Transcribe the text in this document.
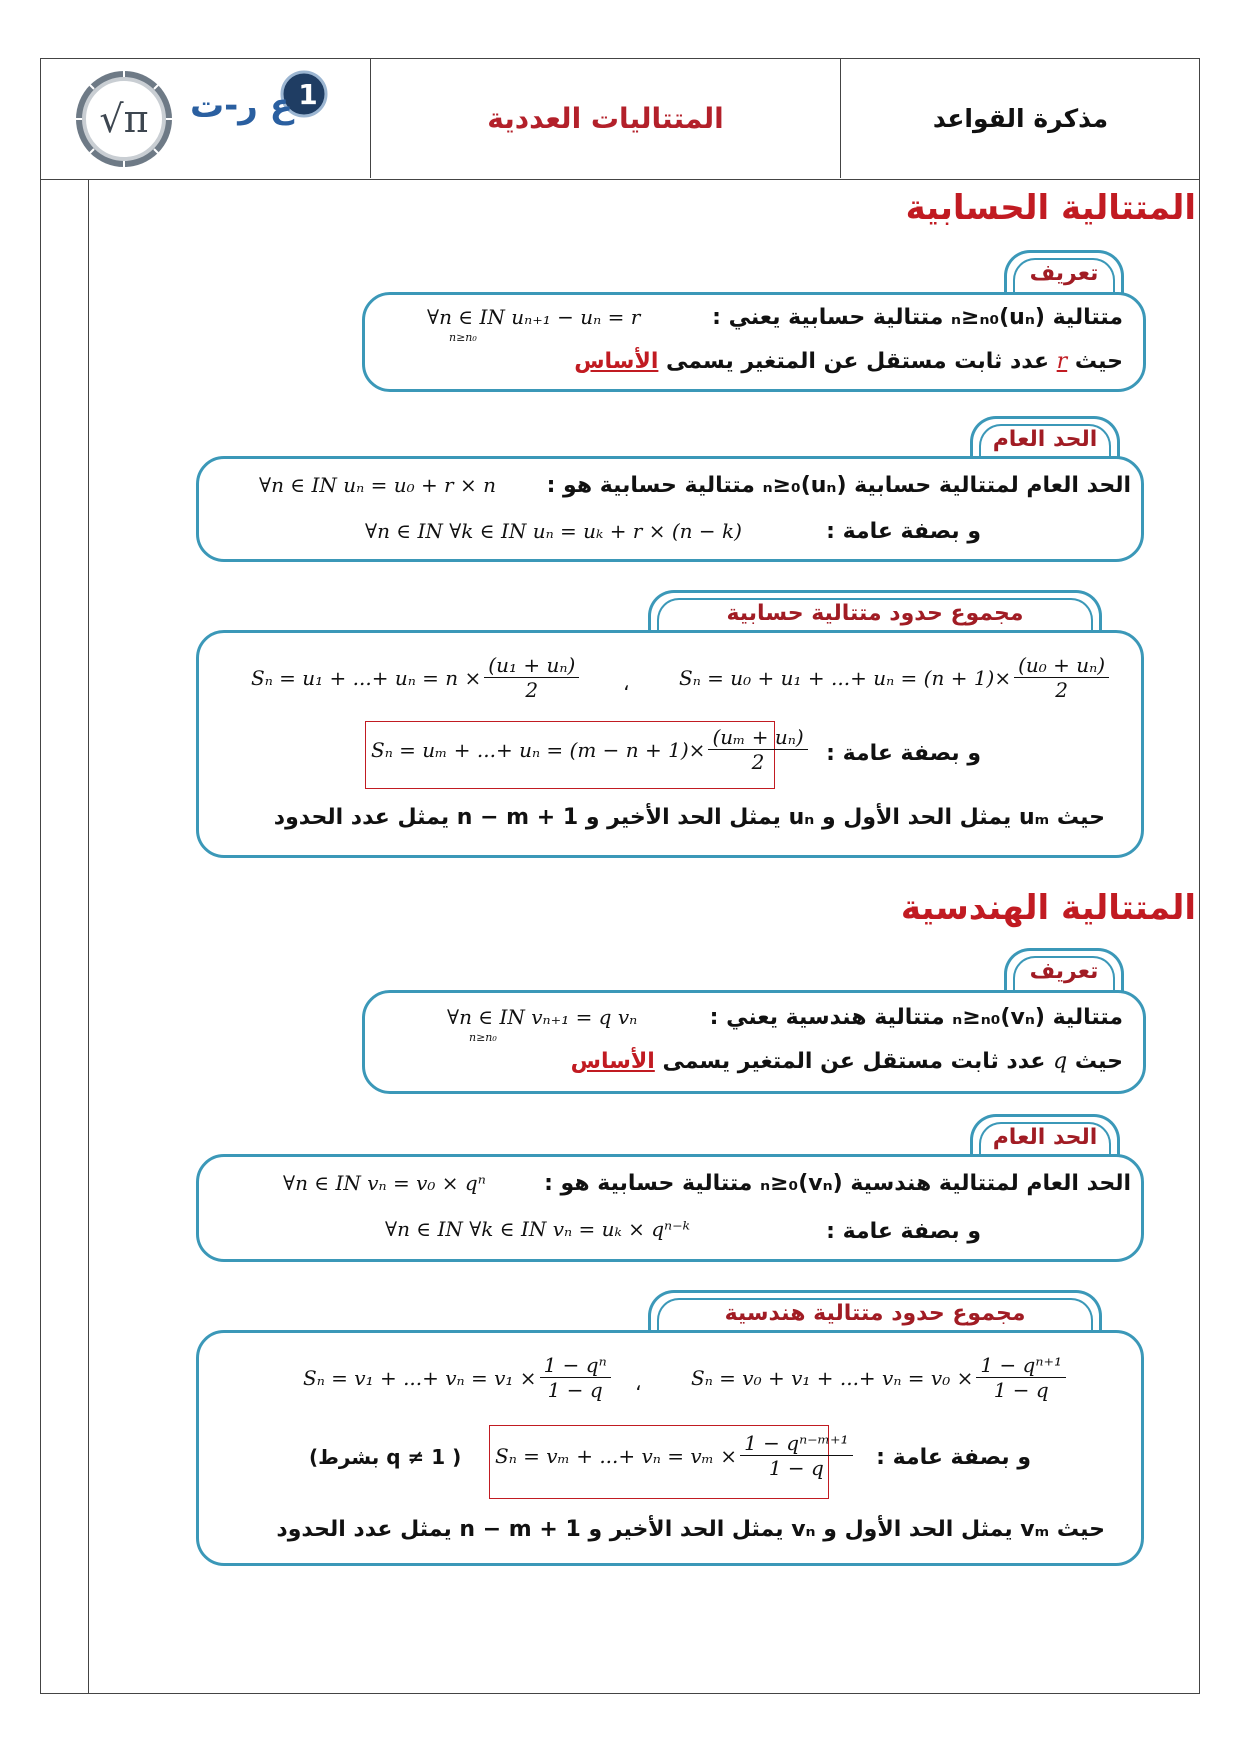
مذكرة القواعد
المتتاليات العددية
√π
1
ع ر-ت
المتتالية الحسابية
تعريف
متتالية (uₙ)ₙ≥ₙ₀ متتالية حسابية يعني :
∀n ∈ IN uₙ₊₁ − uₙ = r
n≥n₀
حيث r عدد ثابت مستقل عن المتغير يسمى الأساس
الحد العام
الحد العام لمتتالية حسابية (uₙ)ₙ≥₀ متتالية حسابية هو :
∀n ∈ IN uₙ = u₀ + r × n
و بصفة عامة :
∀n ∈ IN ∀k ∈ IN uₙ = uₖ + r × (n − k)
مجموع حدود متتالية حسابية
Sₙ = u₁ + ...+ $u_n = n \times \frac{\text{(u₁ + uₙ)}}{2}$ ، Sₙ = u₀ + u₁ + ...+ $u_n = (n + 1)\times \frac{\text{(u₀ + uₙ)}}{2}$
Sₙ = uₘ + ...+ $u_n = (m - n + 1)\times \frac{\text{(uₘ + uₙ)}}{2}$ و بصفة عامة :
حيث uₘ يمثل الحد الأول و uₙ يمثل الحد الأخير و n − m + 1 يمثل عدد الحدود
المتتالية الهندسية
تعريف
متتالية (vₙ)ₙ≥ₙ₀ متتالية هندسية يعني :
∀n ∈ IN vₙ₊₁ = q vₙ
n≥n₀
حيث q عدد ثابت مستقل عن المتغير يسمى الأساس
الحد العام
الحد العام لمتتالية هندسية (vₙ)ₙ≥₀ متتالية حسابية هو :
∀n ∈ IN vₙ = v₀ × qⁿ
و بصفة عامة :
∀n ∈ IN ∀k ∈ IN vₙ = uₖ × qⁿ⁻ᵏ
مجموع حدود متتالية هندسية
Sₙ = v₁ + ...+ $v_n = v_1 \times \frac{\text{1 − qⁿ}}{1 - q}$ ، Sₙ = v₀ + v₁ + ...+ $v_n = v_0 \times \frac{\text{1 − qⁿ⁺¹}}{1 - q}$
Sₙ = vₘ + ...+ $v_n = v_m \times \frac{\text{1 − qⁿ⁻ᵐ⁺¹}}{1 - q}$ و بصفة عامة :
( q ≠ 1 بشرط)
حيث vₘ يمثل الحد الأول و vₙ يمثل الحد الأخير و n − m + 1 يمثل عدد الحدود
